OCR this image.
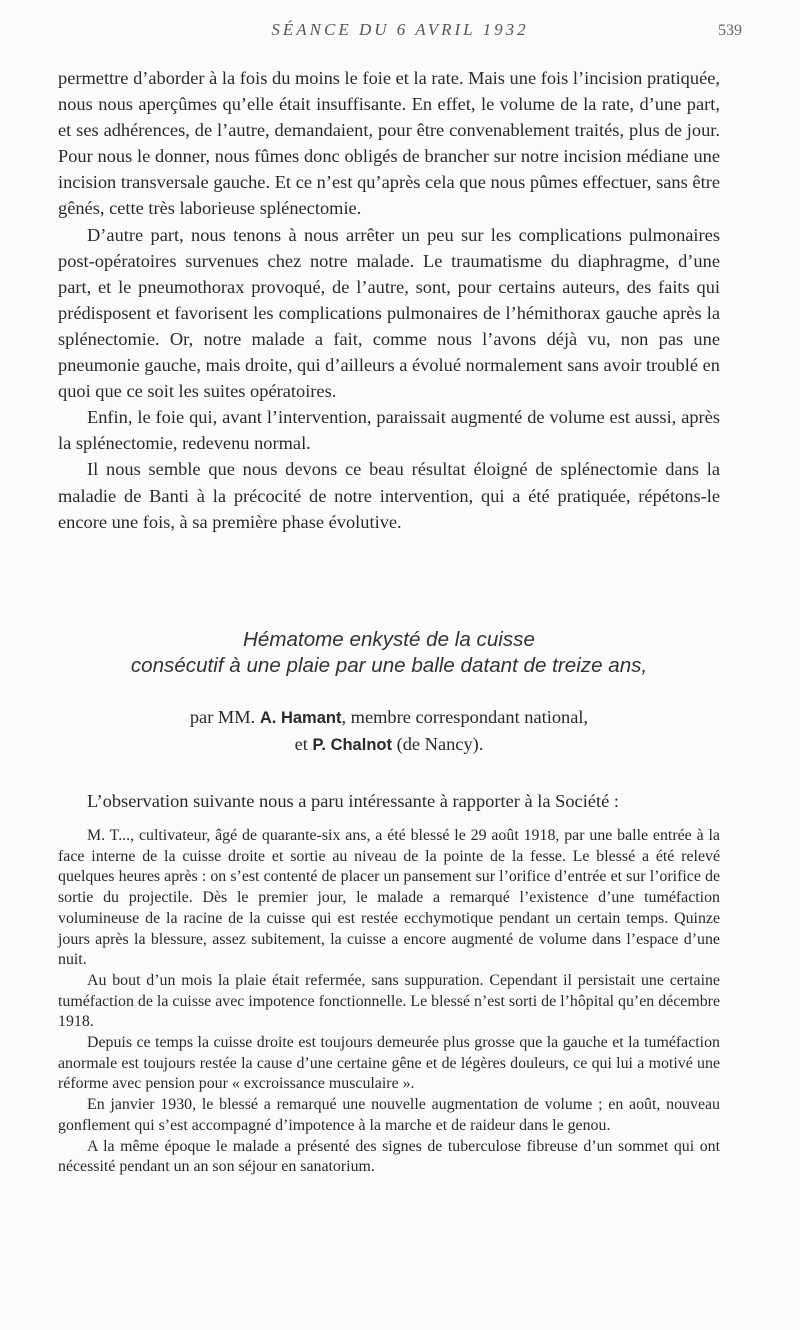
SÉANCE DU 6 AVRIL 1932	539

permettre d’aborder à la fois du moins le foie et la rate. Mais une fois l’incision pratiquée, nous nous aperçûmes qu’elle était insuffisante. En effet, le volume de la rate, d’une part, et ses adhérences, de l’autre, demandaient, pour être convenablement traités, plus de jour. Pour nous le donner, nous fûmes donc obligés de brancher sur notre incision médiane une incision transversale gauche. Et ce n’est qu’après cela que nous pûmes effectuer, sans être gênés, cette très laborieuse splénectomie.

D’autre part, nous tenons à nous arrêter un peu sur les complications pulmonaires post-opératoires survenues chez notre malade. Le traumatisme du diaphragme, d’une part, et le pneumothorax provoqué, de l’autre, sont, pour certains auteurs, des faits qui prédisposent et favorisent les complications pulmonaires de l’hémithorax gauche après la splénectomie. Or, notre malade a fait, comme nous l’avons déjà vu, non pas une pneumonie gauche, mais droite, qui d’ailleurs a évolué normalement sans avoir troublé en quoi que ce soit les suites opératoires.

Enfin, le foie qui, avant l’intervention, paraissait augmenté de volume est aussi, après la splénectomie, redevenu normal.

Il nous semble que nous devons ce beau résultat éloigné de splénectomie dans la maladie de Banti à la précocité de notre intervention, qui a été pratiquée, répétons-le encore une fois, à sa première phase évolutive.

Hématome enkysté de la cuisse
consécutif à une plaie par une balle datant de treize ans,
par MM. A. Hamant, membre correspondant national,
et P. Chalnot (de Nancy).

L’observation suivante nous a paru intéressante à rapporter à la Société :

M. T..., cultivateur, âgé de quarante-six ans, a été blessé le 29 août 1918, par une balle entrée à la face interne de la cuisse droite et sortie au niveau de la pointe de la fesse. Le blessé a été relevé quelques heures après : on s’est contenté de placer un pansement sur l’orifice d’entrée et sur l’orifice de sortie du projectile. Dès le premier jour, le malade a remarqué l’existence d’une tuméfaction volumineuse de la racine de la cuisse qui est restée ecchymotique pendant un certain temps. Quinze jours après la blessure, assez subitement, la cuisse a encore augmenté de volume dans l’espace d’une nuit.

Au bout d’un mois la plaie était refermée, sans suppuration. Cependant il persistait une certaine tuméfaction de la cuisse avec impotence fonctionnelle. Le blessé n’est sorti de l’hôpital qu’en décembre 1918.

Depuis ce temps la cuisse droite est toujours demeurée plus grosse que la gauche et la tuméfaction anormale est toujours restée la cause d’une certaine gêne et de légères douleurs, ce qui lui a motivé une réforme avec pension pour « excroissance musculaire ».

En janvier 1930, le blessé a remarqué une nouvelle augmentation de volume ; en août, nouveau gonflement qui s’est accompagné d’impotence à la marche et de raideur dans le genou.

A la même époque le malade a présenté des signes de tuberculose fibreuse d’un sommet qui ont nécessité pendant un an son séjour en sanatorium.
